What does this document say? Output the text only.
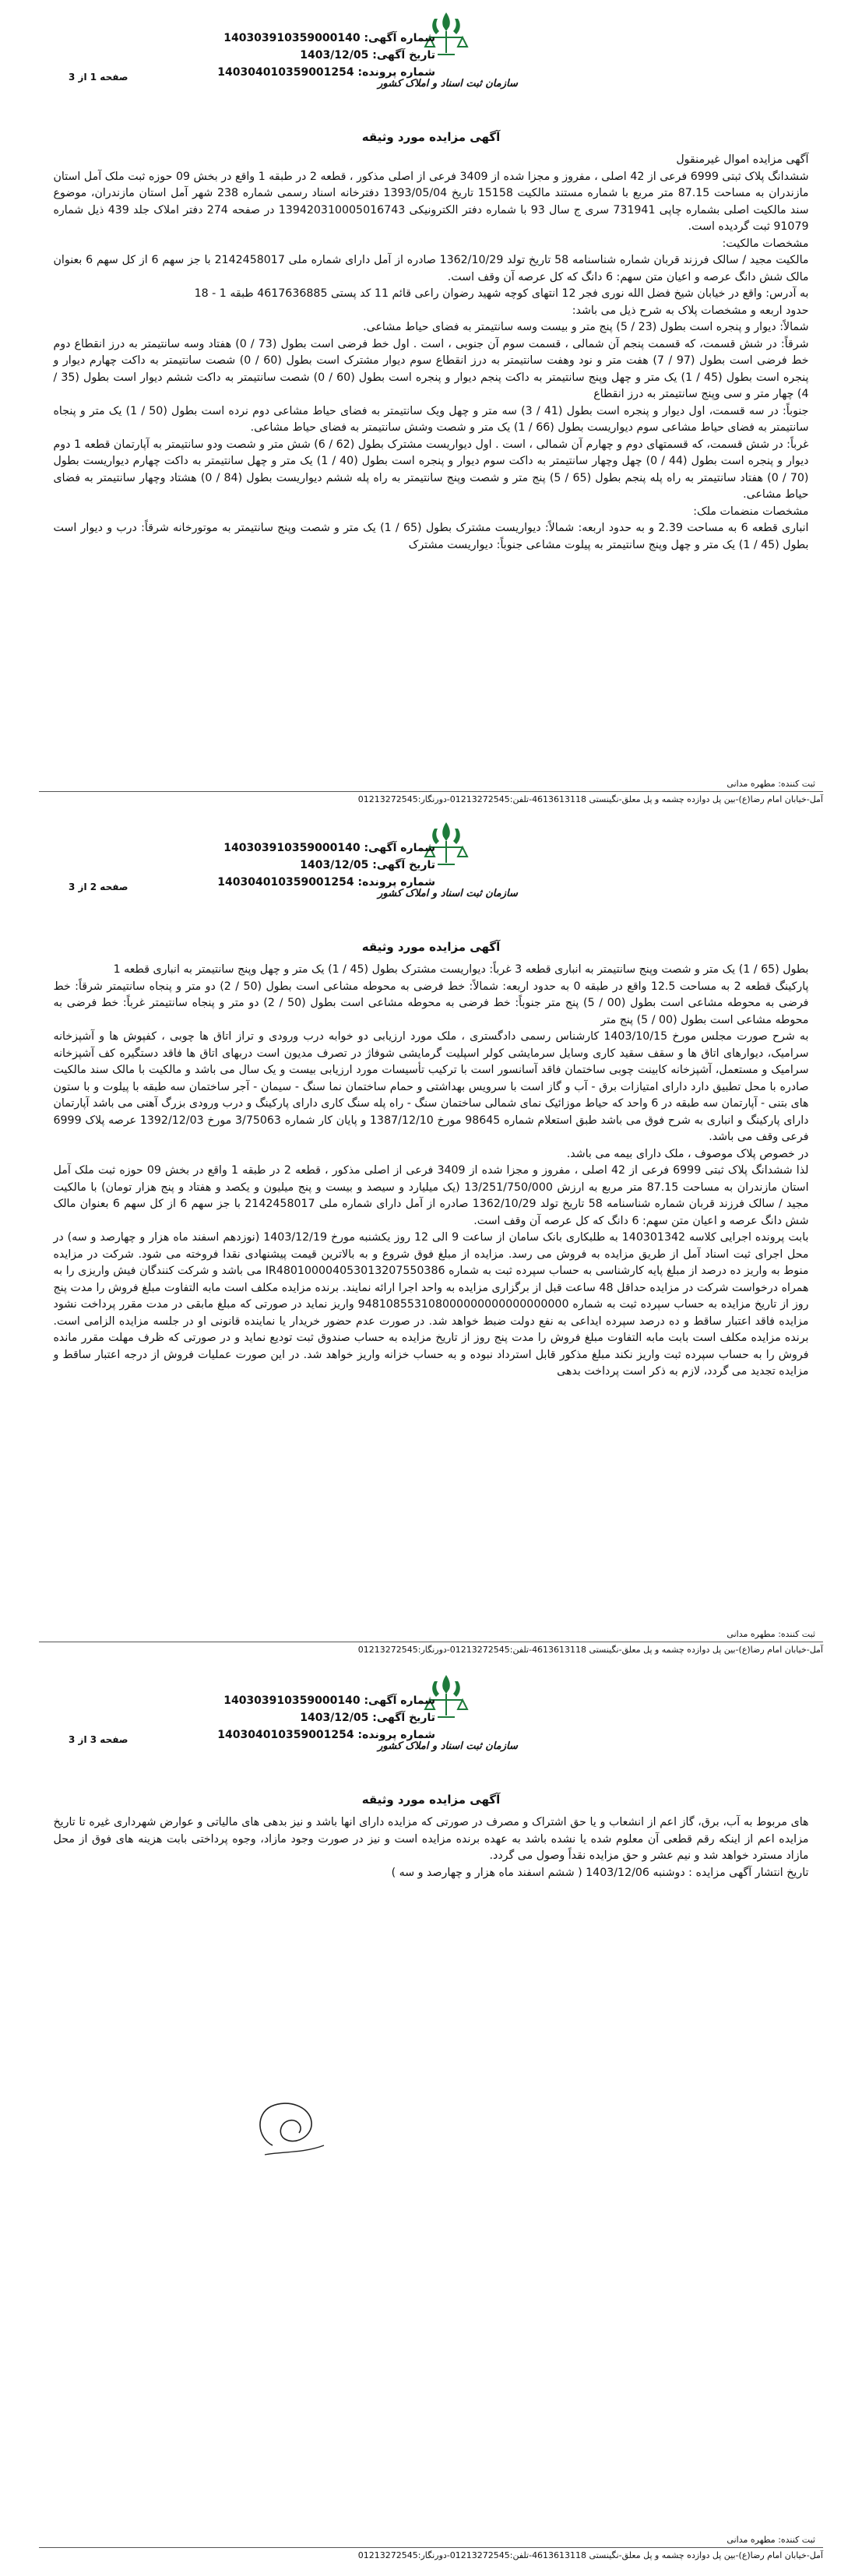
سازمان ثبت اسناد و املاک کشور
شماره آگهی: 140303910359000140
تاریخ آگهی: 1403/12/05
شماره پرونده: 140304010359001254
صفحه 1 از 3
آگهی مزایده مورد وثیقه

آگهی مزایده اموال غیرمنقول

ششدانگ پلاک ثبتی 6999 فرعی از 42 اصلی ، مفروز و مجزا شده از 3409 فرعی از اصلی مذکور ، قطعه 2 در طبقه 1 واقع در بخش 09 حوزه ثبت ملک آمل استان مازندران به مساحت 87.15 متر مربع با شماره مستند مالکیت 15158 تاریخ 1393/05/04 دفترخانه اسناد رسمی شماره 238 شهر آمل استان مازندران، موضوع سند مالکیت اصلی بشماره چاپی 731941 سری ج سال 93 با شماره دفتر الکترونیکی 139420310005016743 در صفحه 274 دفتر املاک جلد 439 ذیل شماره 91079 ثبت گردیده است.

مشخصات مالکیت:

مالکیت مجید / سالک فرزند قربان شماره شناسنامه 58 تاریخ تولد 1362/10/29 صادره از آمل دارای شماره ملی 2142458017 با جز سهم 6 از کل سهم 6 بعنوان مالک شش دانگ عرصه و اعیان متن سهم: 6 دانگ که کل عرصه آن وقف است.

به آدرس: واقع در خیابان شیخ فضل الله نوری فجر 12 انتهای کوچه شهید رضوان راعی قائم 11 کد پستی 4617636885 طبقه 1 - 18

حدود اربعه و مشخصات پلاک به شرح ذیل می باشد:

شمالاً: دیوار و پنجره است بطول (23 / 5) پنج متر و بیست وسه سانتیمتر به فضای حیاط مشاعی.

شرقاً: در شش قسمت، که قسمت پنجم آن شمالی ، قسمت سوم آن جنوبی ، است . اول خط فرضی است بطول (73 / 0) هفتاد وسه سانتیمتر به درز انقطاع دوم خط فرضی است بطول (97 / 7) هفت متر و نود وهفت سانتیمتر به درز انقطاع سوم دیوار مشترک است بطول (60 / 0) شصت سانتیمتر به داکت چهارم دیوار و پنجره است بطول (45 / 1) یک متر و چهل وپنج سانتیمتر به داکت پنجم دیوار و پنجره است بطول (60 / 0) شصت سانتیمتر به داکت ششم دیوار است بطول (35 / 4) چهار متر و سی وپنج سانتیمتر به درز انقطاع

جنوباً: در سه قسمت، اول دیوار و پنجره است بطول (41 / 3) سه متر و چهل ویک سانتیمتر به فضای حیاط مشاعی دوم نرده است بطول (50 / 1) یک متر و پنجاه سانتیمتر به فضای حیاط مشاعی سوم دیواریست بطول (66 / 1) یک متر و شصت وشش سانتیمتر به فضای حیاط مشاعی.

غرباً: در شش قسمت، که قسمتهای دوم و چهارم آن شمالی ، است . اول دیواریست مشترک بطول (62 / 6) شش متر و شصت ودو سانتیمتر به آپارتمان قطعه 1 دوم دیوار و پنجره است بطول (44 / 0) چهل وچهار سانتیمتر به داکت سوم دیوار و پنجره است بطول (40 / 1) یک متر و چهل سانتیمتر به داکت چهارم دیواریست بطول (70 / 0) هفتاد سانتیمتر به راه پله پنجم بطول (65 / 5) پنج متر و شصت وپنج سانتیمتر به راه پله ششم دیواریست بطول (84 / 0) هشتاد وچهار سانتیمتر به فضای حیاط مشاعی.

مشخصات منضمات ملک:

انباری قطعه 6 به مساحت 2.39 و به حدود اربعه: شمالاً: دیواریست مشترک بطول (65 / 1) یک متر و شصت وپنج سانتیمتر به موتورخانه شرقاً: درب و دیوار است بطول (45 / 1) یک متر و چهل وپنج سانتیمتر به پیلوت مشاعی جنوباً: دیواریست مشترک

ثبت کننده: مطهره مدانی
آمل-خیابان امام رضا(ع)-بین پل دوازده چشمه و پل معلق-نگینستی 4613613118-تلفن:01213272545-دورنگار:01213272545
سازمان ثبت اسناد و املاک کشور
شماره آگهی: 140303910359000140
تاریخ آگهی: 1403/12/05
شماره پرونده: 140304010359001254
صفحه 2 از 3
آگهی مزایده مورد وثیقه

بطول (65 / 1) یک متر و شصت وپنج سانتیمتر به انباری قطعه 3 غرباً: دیواریست مشترک بطول (45 / 1) یک متر و چهل وپنج سانتیمتر به انباری قطعه 1

پارکینگ قطعه 2 به مساحت 12.5 واقع در طبقه 0 به حدود اربعه: شمالاً: خط فرضی به محوطه مشاعی است بطول (50 / 2) دو متر و پنجاه سانتیمتر شرقاً: خط فرضی به محوطه مشاعی است بطول (00 / 5) پنج متر جنوباً: خط فرضی به محوطه مشاعی است بطول (50 / 2) دو متر و پنجاه سانتیمتر غرباً: خط فرضی به محوطه مشاعی است بطول (00 / 5) پنج متر

به شرح صورت مجلس مورخ 1403/10/15 کارشناس رسمی دادگستری ، ملک مورد ارزیابی دو خوابه درب ورودی و تراز اتاق ها چوبی ، کفپوش ها و آشپزخانه سرامیک، دیوارهای اتاق ها و سقف سقید کاری وسایل سرمایشی کولر اسپلیت گرمایشی شوفاژ در تصرف مدیون است دربهای اتاق ها فاقد دستگیره کف آشپزخانه سرامیک و مستعمل، آشپزخانه کابینت چوبی ساختمان فاقد آسانسور است با ترکیب تأسیسات مورد ارزیابی بیست و یک سال می باشد و مالکیت با مالک سند مالکیت صادره با محل تطبیق دارد دارای امتیازات برق - آب و گاز است با سرویس بهداشتی و حمام ساختمان نما سنگ - سیمان - آجر ساختمان سه طبقه با پیلوت و با ستون های بتنی - آپارتمان سه طبقه در 6 واحد که حیاط موزائیک نمای شمالی ساختمان سنگ - راه پله سنگ کاری دارای پارکینگ و درب ورودی بزرگ آهنی می باشد آپارتمان دارای پارکینگ و انباری به شرح فوق می باشد طبق استعلام شماره 98645 مورخ 1387/12/10 و پایان کار شماره 3/75063 مورخ 1392/12/03 عرصه پلاک 6999 فرعی وقف می باشد.

در خصوص پلاک موصوف ، ملک دارای بیمه می باشد.

لذا ششدانگ پلاک ثبتی 6999 فرعی از 42 اصلی ، مفروز و مجزا شده از 3409 فرعی از اصلی مذکور ، قطعه 2 در طبقه 1 واقع در بخش 09 حوزه ثبت ملک آمل استان مازندران به مساحت 87.15 متر مربع به ارزش 13/251/750/000 (یک میلیارد و سیصد و بیست و پنج میلیون و یکصد و هفتاد و پنج هزار تومان) با مالکیت مجید / سالک فرزند قربان شماره شناسنامه 58 تاریخ تولد 1362/10/29 صادره از آمل دارای شماره ملی 2142458017 با جز سهم 6 از کل سهم 6 بعنوان مالک شش دانگ عرصه و اعیان متن سهم: 6 دانگ که کل عرصه آن وقف است.

بابت پرونده اجرایی کلاسه 140301342 به طلبکاری بانک سامان از ساعت 9 الی 12 روز یکشنبه مورخ 1403/12/19 (نوزدهم اسفند ماه هزار و چهارصد و سه) در محل اجرای ثبت اسناد آمل از طریق مزایده به فروش می رسد. مزایده از مبلغ فوق شروع و به بالاترین قیمت پیشنهادی نقدا فروخته می شود. شرکت در مزایده منوط به واریز ده درصد از مبلغ پایه کارشناسی به حساب سپرده ثبت به شماره IR480100004053013207550386 می باشد و شرکت کنندگان فیش واریزی را به همراه درخواست شرکت در مزایده حداقل 48 ساعت قبل از برگزاری مزایده به واحد اجرا ارائه نمایند. برنده مزایده مکلف است مابه التفاوت مبلغ فروش را مدت پنج روز از تاریخ مزایده به حساب سپرده ثبت به شماره 948108553108000000000000000000 واریز نماید در صورتی که مبلغ مابقی در مدت مقرر پرداخت نشود مزایده فاقد اعتبار ساقط و ده درصد سپرده ایداعی به نفع دولت ضبط خواهد شد. در صورت عدم حضور خریدار یا نماینده قانونی او در جلسه مزایده الزامی است. برنده مزایده مکلف است بابت مابه التفاوت مبلغ فروش را مدت پنج روز از تاریخ مزایده به حساب صندوق ثبت تودیع نماید و در صورتی که ظرف مهلت مقرر مانده فروش را به حساب سپرده ثبت واریز نکند مبلغ مذکور قابل استرداد نبوده و به حساب خزانه واریز خواهد شد. در این صورت عملیات فروش از درجه اعتبار ساقط و مزایده تجدید می گردد، لازم به ذکر است پرداخت بدهی

ثبت کننده: مطهره مدانی
آمل-خیابان امام رضا(ع)-بین پل دوازده چشمه و پل معلق-نگینستی 4613613118-تلفن:01213272545-دورنگار:01213272545
سازمان ثبت اسناد و املاک کشور
شماره آگهی: 140303910359000140
تاریخ آگهی: 1403/12/05
شماره پرونده: 140304010359001254
صفحه 3 از 3
آگهی مزایده مورد وثیقه

های مربوط به آب، برق، گاز اعم از انشعاب و یا حق اشتراک و مصرف در صورتی که مزایده دارای انها باشد و نیز بدهی های مالیاتی و عوارض شهرداری غیره تا تاریخ مزایده اعم از اینکه رقم قطعی آن معلوم شده یا نشده باشد به عهده برنده مزایده است و نیز در صورت وجود مازاد، وجوه پرداختی بابت هزینه های فوق از محل مازاد مسترد خواهد شد و نیم عشر و حق مزایده نقداً وصول می گردد.

تاریخ انتشار آگهی مزایده : دوشنبه 1403/12/06 ( ششم اسفند ماه هزار و چهارصد و سه )

ثبت کننده: مطهره مدانی
آمل-خیابان امام رضا(ع)-بین پل دوازده چشمه و پل معلق-نگینستی 4613613118-تلفن:01213272545-دورنگار:01213272545
